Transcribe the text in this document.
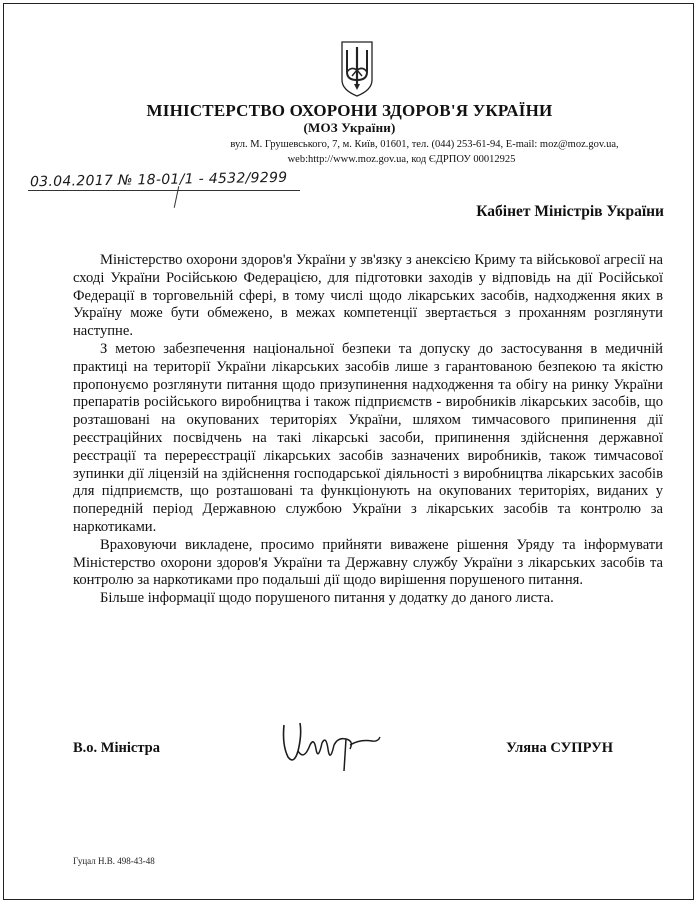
МІНІСТЕРСТВО ОХОРОНИ ЗДОРОВ'Я УКРАЇНИ
(МОЗ України)
вул. М. Грушевського, 7, м. Київ, 01601, тел. (044) 253-61-94, E-mail: moz@moz.gov.ua,
web:http://www.moz.gov.ua, код ЄДРПОУ 00012925
03.04.2017 № 18-01/1 - 4532/9299
Кабінет Міністрів України

Міністерство охорони здоров'я України у зв'язку з анексією Криму та військової агресії на сході України Російською Федерацією, для підготовки заходів у відповідь на дії Російської Федерації в торговельній сфері, в тому числі щодо лікарських засобів, надходження яких в Україну може бути обмежено, в межах компетенції звертається з проханням розглянути наступне.

З метою забезпечення національної безпеки та допуску до застосування в медичній практиці на території України лікарських засобів лише з гарантованою безпекою та якістю пропонуємо розглянути питання щодо призупинення надходження та обігу на ринку України препаратів російського виробництва і також підприємств - виробників лікарських засобів, що розташовані на окупованих територіях України, шляхом тимчасового припинення дії реєстраційних посвідчень на такі лікарські засоби, припинення здійснення державної реєстрації та перереєстрації лікарських засобів зазначених виробників, також тимчасової зупинки дії ліцензій на здійснення господарської діяльності з виробництва лікарських засобів для підприємств, що розташовані та функціонують на окупованих територіях, виданих у попередній період Державною службою України з лікарських засобів та контролю за наркотиками.

Враховуючи викладене, просимо прийняти виважене рішення Уряду та інформувати Міністерство охорони здоров'я України та Державну службу України з лікарських засобів та контролю за наркотиками про подальші дії щодо вирішення порушеного питання.

Більше інформації щодо порушеного питання у додатку до даного листа.

В.о. Міністра	Уляна СУПРУН
Гуцал Н.В. 498-43-48
